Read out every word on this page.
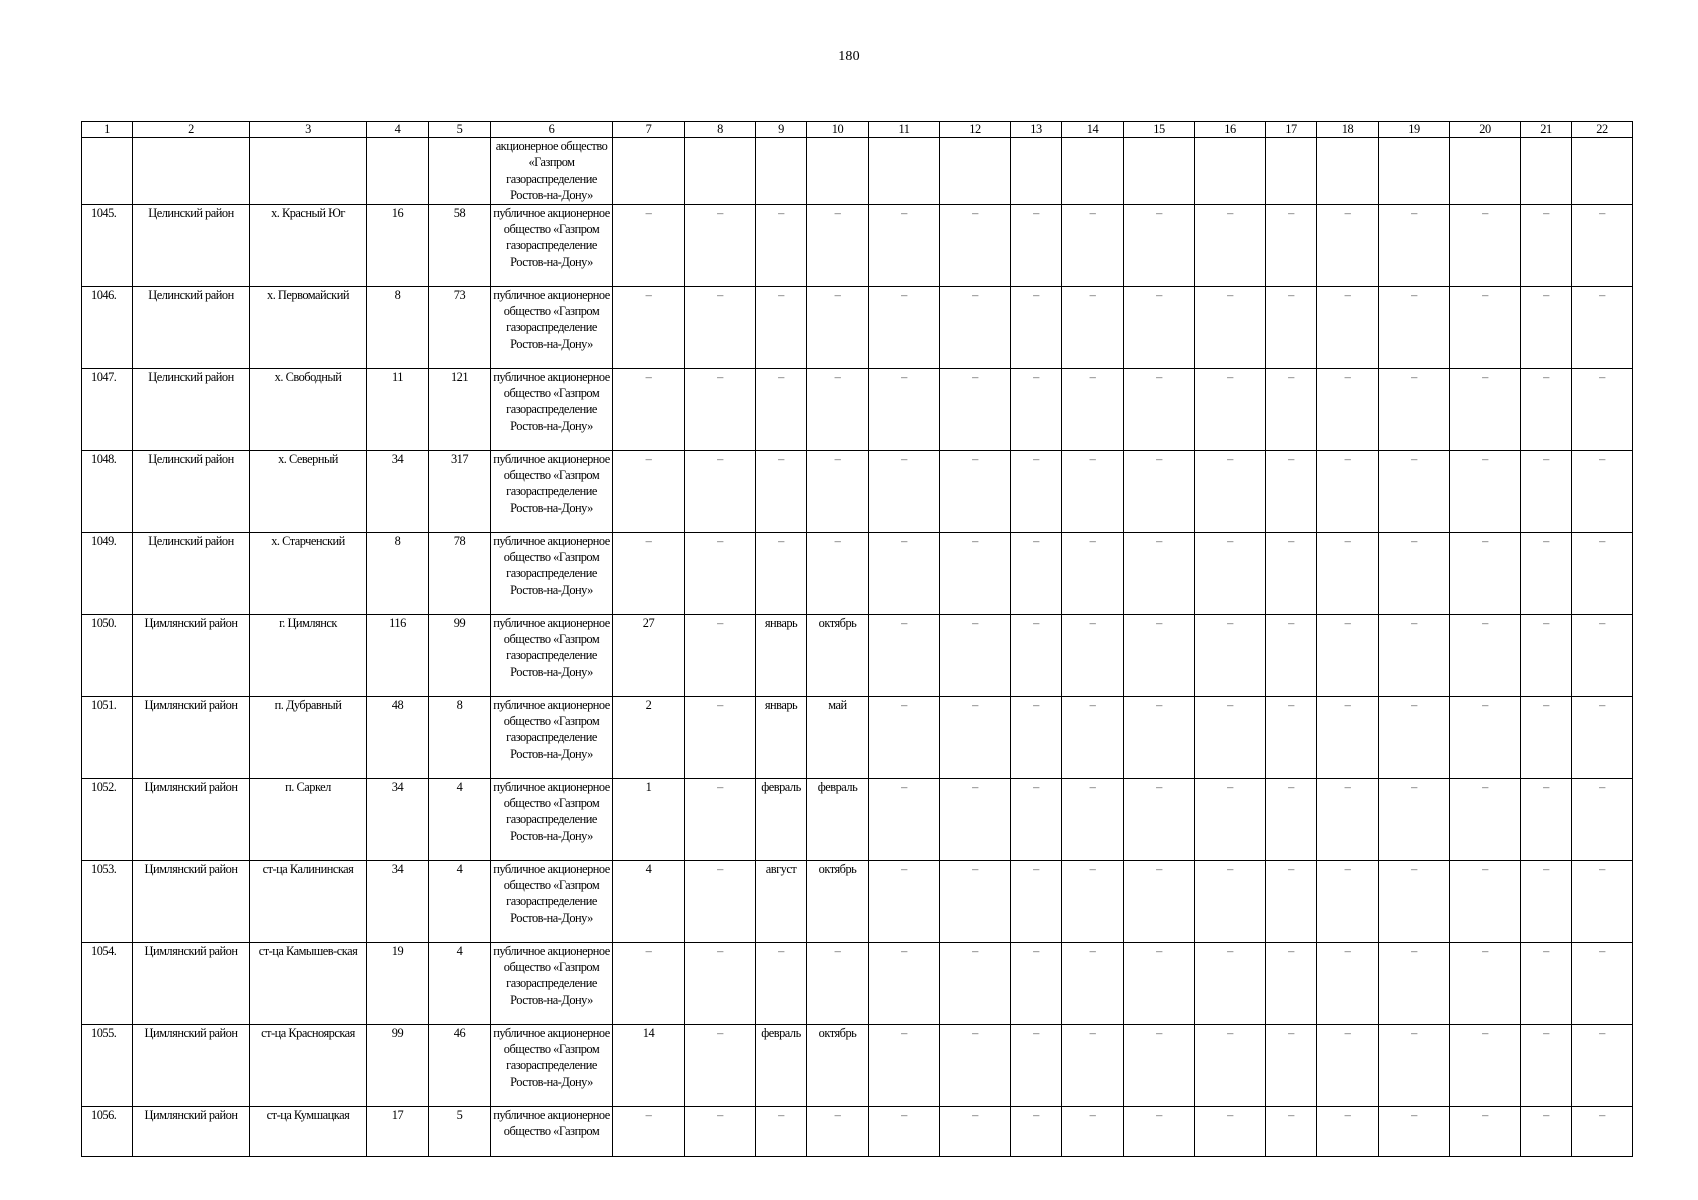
180
1	2	3	4	5	6	7	8	9	10	11	12	13	14	15	16	17	18	19	20	21	22
					акционерное общество «Газпром газораспределение Ростов-на-Дону»																
1045.	Целинский район	х. Красный Юг	16	58	публичное акционерное общество «Газпром газораспределение Ростов-на-Дону»	–	–	–	–	–	–	–	–	–	–	–	–	–	–	–	–
1046.	Целинский район	х. Первомайский	8	73	публичное акционерное общество «Газпром газораспределение Ростов-на-Дону»	–	–	–	–	–	–	–	–	–	–	–	–	–	–	–	–
1047.	Целинский район	х. Свободный	11	121	публичное акционерное общество «Газпром газораспределение Ростов-на-Дону»	–	–	–	–	–	–	–	–	–	–	–	–	–	–	–	–
1048.	Целинский район	х. Северный	34	317	публичное акционерное общество «Газпром газораспределение Ростов-на-Дону»	–	–	–	–	–	–	–	–	–	–	–	–	–	–	–	–
1049.	Целинский район	х. Старченский	8	78	публичное акционерное общество «Газпром газораспределение Ростов-на-Дону»	–	–	–	–	–	–	–	–	–	–	–	–	–	–	–	–
1050.	Цимлянский район	г. Цимлянск	116	99	публичное акционерное общество «Газпром газораспределение Ростов-на-Дону»	27	–	январь	октябрь	–	–	–	–	–	–	–	–	–	–	–	–
1051.	Цимлянский район	п. Дубравный	48	8	публичное акционерное общество «Газпром газораспределение Ростов-на-Дону»	2	–	январь	май	–	–	–	–	–	–	–	–	–	–	–	–
1052.	Цимлянский район	п. Саркел	34	4	публичное акционерное общество «Газпром газораспределение Ростов-на-Дону»	1	–	февраль	февраль	–	–	–	–	–	–	–	–	–	–	–	–
1053.	Цимлянский район	ст-ца Калининская	34	4	публичное акционерное общество «Газпром газораспределение Ростов-на-Дону»	4	–	август	октябрь	–	–	–	–	–	–	–	–	–	–	–	–
1054.	Цимлянский район	ст-ца Камышев-ская	19	4	публичное акционерное общество «Газпром газораспределение Ростов-на-Дону»	–	–	–	–	–	–	–	–	–	–	–	–	–	–	–	–
1055.	Цимлянский район	ст-ца Красноярская	99	46	публичное акционерное общество «Газпром газораспределение Ростов-на-Дону»	14	–	февраль	октябрь	–	–	–	–	–	–	–	–	–	–	–	–
1056.	Цимлянский район	ст-ца Кумшацкая	17	5	публичное акционерное общество «Газпром	–	–	–	–	–	–	–	–	–	–	–	–	–	–	–	–
